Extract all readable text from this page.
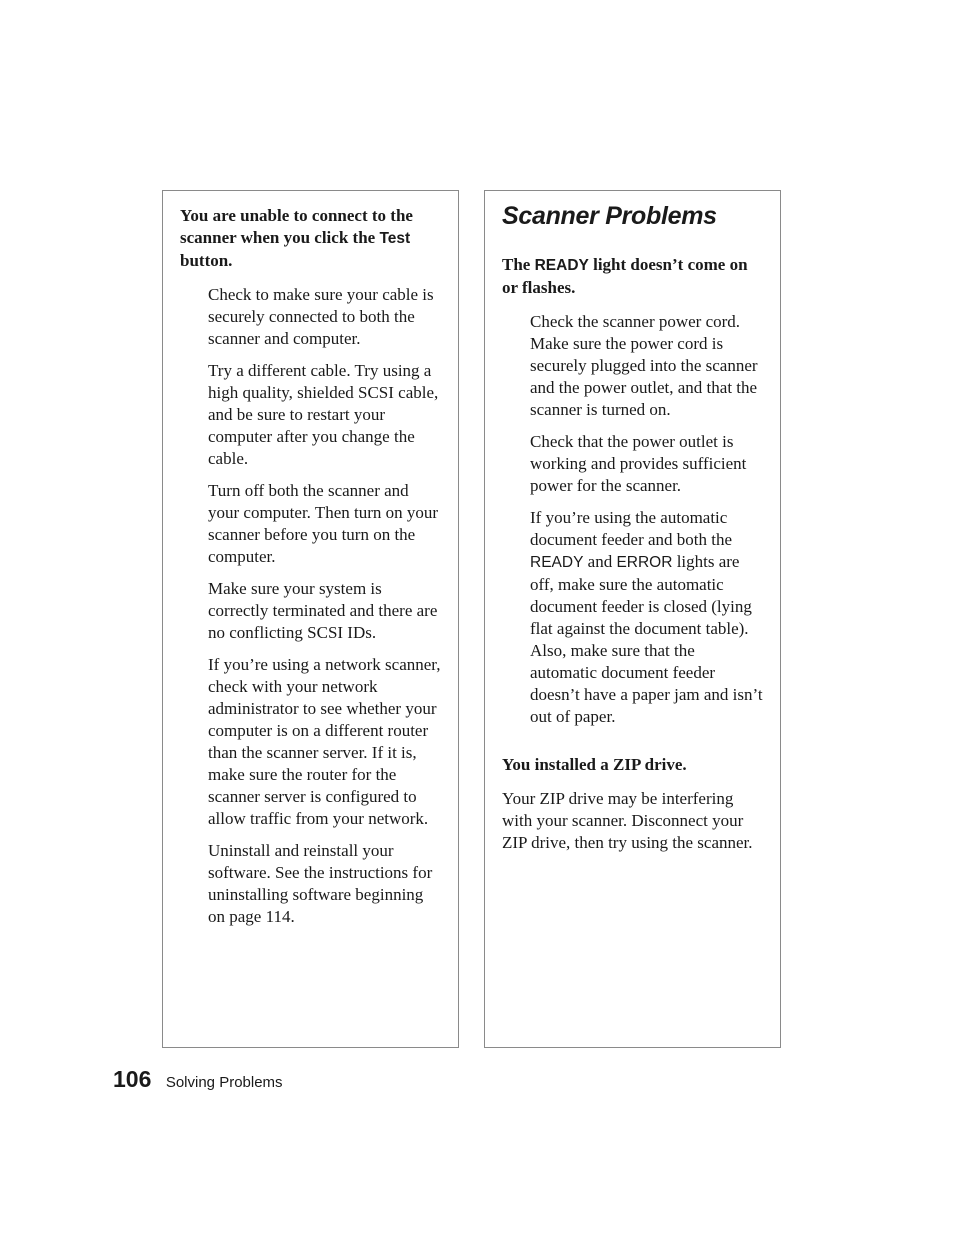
You are unable to connect to the scanner when you click the Test button.

Check to make sure your cable is securely connected to both the scanner and computer.

Try a different cable. Try using a high quality, shielded SCSI cable, and be sure to restart your computer after you change the cable.

Turn off both the scanner and your computer. Then turn on your scanner before you turn on the computer.

Make sure your system is correctly terminated and there are no conflicting SCSI IDs.

If you’re using a network scanner, check with your network administrator to see whether your computer is on a different router than the scanner server. If it is, make sure the router for the scanner server is configured to allow traffic from your network.

Uninstall and reinstall your software. See the instructions for uninstalling software beginning on page 114.

Scanner Problems

The READY light doesn’t come on or flashes.

Check the scanner power cord. Make sure the power cord is securely plugged into the scanner and the power outlet, and that the scanner is turned on.

Check that the power outlet is working and provides sufficient power for the scanner.

If you’re using the automatic document feeder and both the READY and ERROR lights are off, make sure the automatic document feeder is closed (lying flat against the document table). Also, make sure that the automatic document feeder doesn’t have a paper jam and isn’t out of paper.

You installed a ZIP drive.

Your ZIP drive may be interfering with your scanner. Disconnect your ZIP drive, then try using the scanner.

106 Solving Problems
